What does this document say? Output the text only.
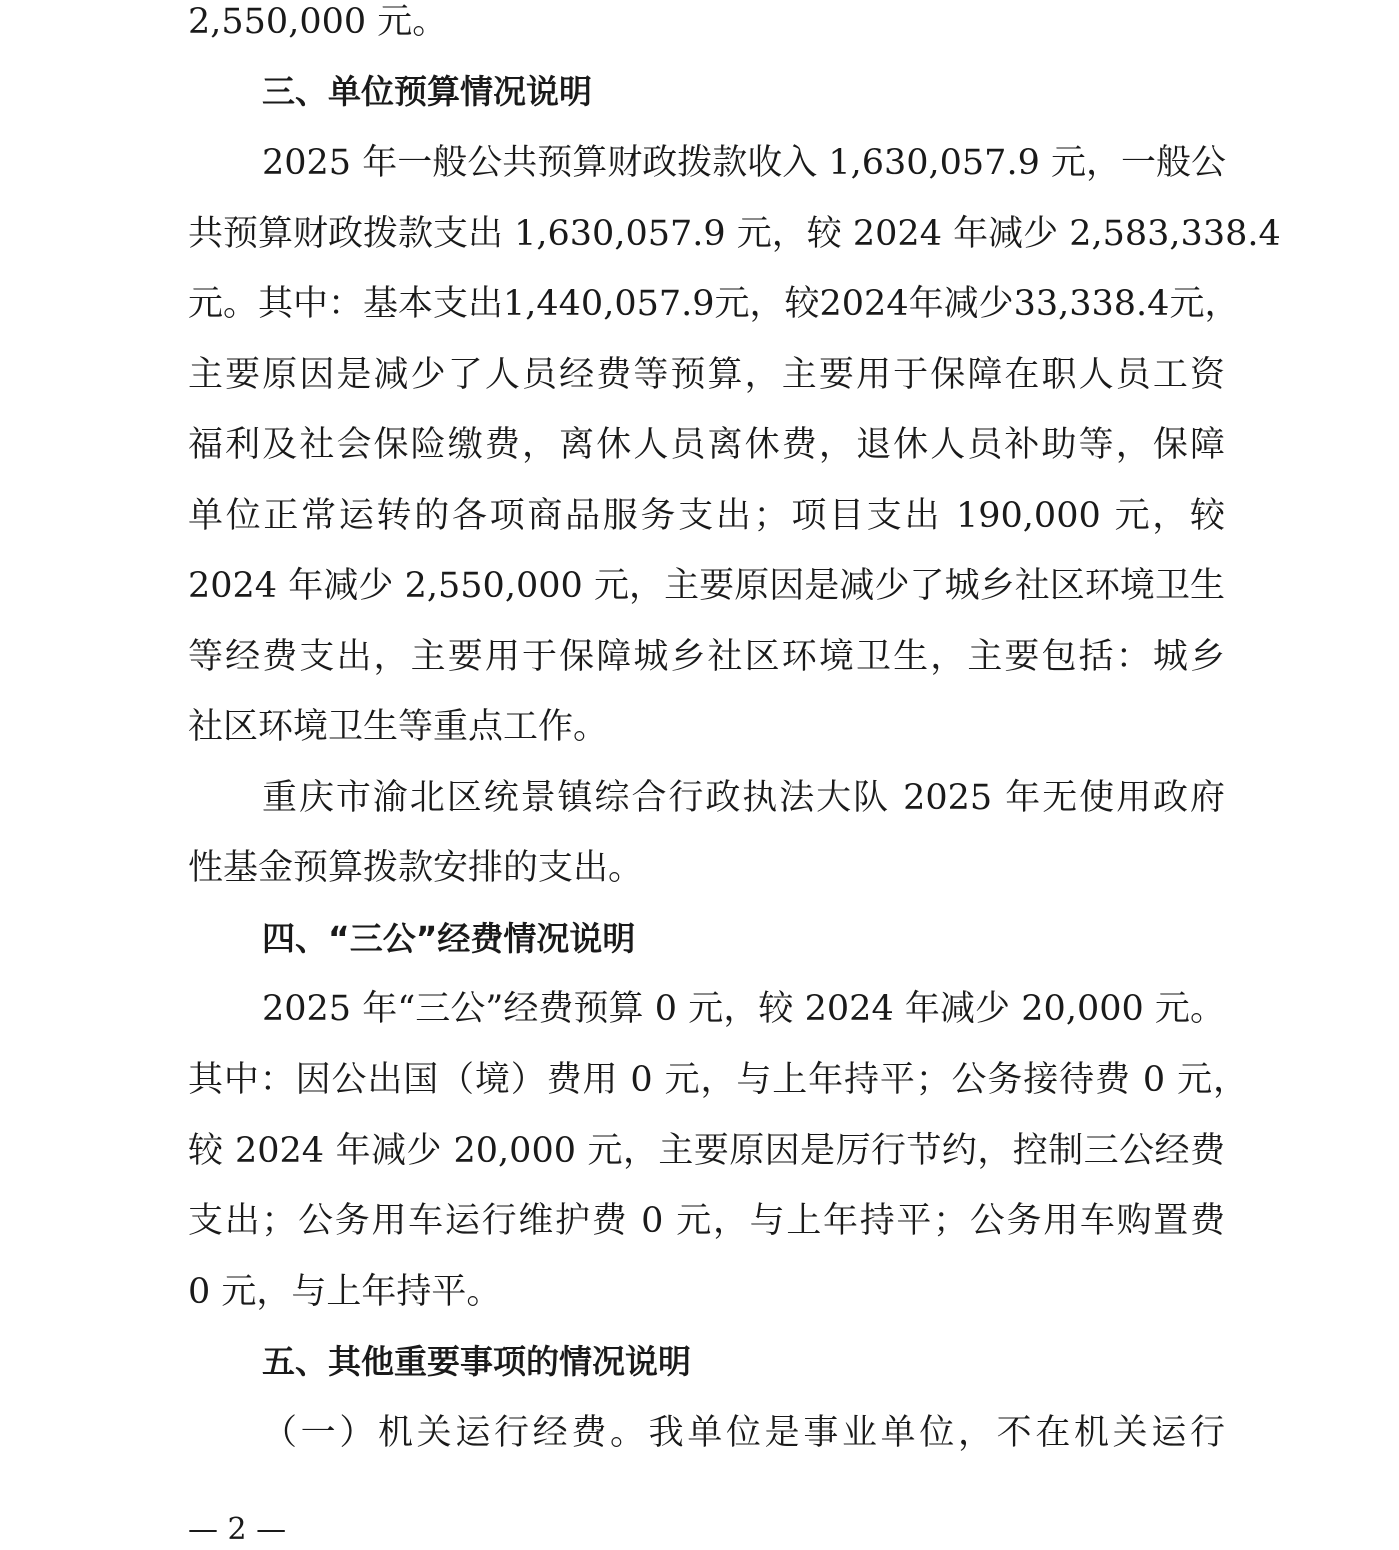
2,550,000 元。
三、单位预算情况说明
2025 年一般公共预算财政拨款收入 1,630,057.9 元，一般公
共预算财政拨款支出 1,630,057.9 元，较 2024 年减少 2,583,338.4
元。其中：基本支出1,440,057.9元，较2024年减少33,338.4元，
主要原因是减少了人员经费等预算，主要用于保障在职人员工资
福利及社会保险缴费，离休人员离休费，退休人员补助等，保障
单位正常运转的各项商品服务支出；项目支出 190,000 元，较
2024 年减少 2,550,000 元，主要原因是减少了城乡社区环境卫生
等经费支出，主要用于保障城乡社区环境卫生，主要包括：城乡
社区环境卫生等重点工作。
重庆市渝北区统景镇综合行政执法大队 2025 年无使用政府
性基金预算拨款安排的支出。
四、“三公”经费情况说明
2025 年“三公”经费预算 0 元，较 2024 年减少 20,000 元。
其中：因公出国（境）费用 0 元，与上年持平；公务接待费 0 元，
较 2024 年减少 20,000 元，主要原因是厉行节约，控制三公经费
支出；公务用车运行维护费 0 元，与上年持平；公务用车购置费
0 元，与上年持平。
五、其他重要事项的情况说明
（一）机关运行经费。我单位是事业单位，不在机关运行
— 2 —
